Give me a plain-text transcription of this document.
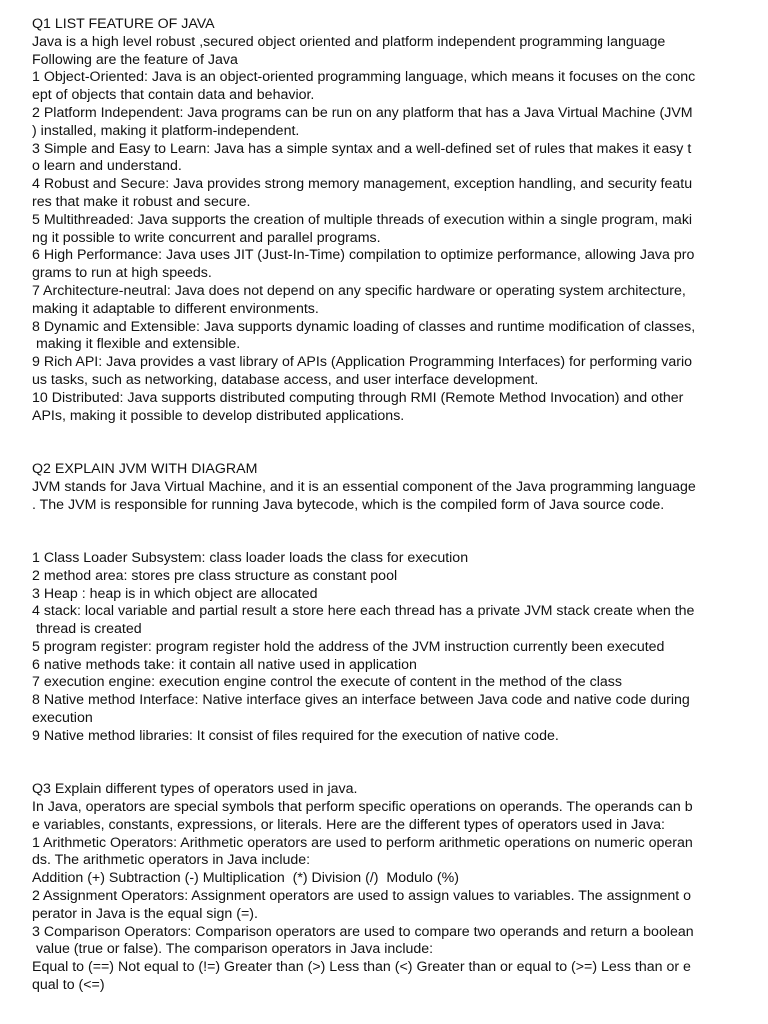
Q1 LIST FEATURE OF JAVA
Java is a high level robust ,secured object oriented and platform independent programming language
Following are the feature of Java
1 Object-Oriented: Java is an object-oriented programming language, which means it focuses on the conc
ept of objects that contain data and behavior.
2 Platform Independent: Java programs can be run on any platform that has a Java Virtual Machine (JVM
) installed, making it platform-independent.
3 Simple and Easy to Learn: Java has a simple syntax and a well-defined set of rules that makes it easy t
o learn and understand.
4 Robust and Secure: Java provides strong memory management, exception handling, and security featu
res that make it robust and secure.
5 Multithreaded: Java supports the creation of multiple threads of execution within a single program, maki
ng it possible to write concurrent and parallel programs.
6 High Performance: Java uses JIT (Just-In-Time) compilation to optimize performance, allowing Java pro
grams to run at high speeds.
7 Architecture-neutral: Java does not depend on any specific hardware or operating system architecture,
making it adaptable to different environments.
8 Dynamic and Extensible: Java supports dynamic loading of classes and runtime modification of classes,
making it flexible and extensible.
9 Rich API: Java provides a vast library of APIs (Application Programming Interfaces) for performing vario
us tasks, such as networking, database access, and user interface development.
10 Distributed: Java supports distributed computing through RMI (Remote Method Invocation) and other
APIs, making it possible to develop distributed applications.
Q2 EXPLAIN JVM WITH DIAGRAM
JVM stands for Java Virtual Machine, and it is an essential component of the Java programming language
. The JVM is responsible for running Java bytecode, which is the compiled form of Java source code.
1 Class Loader Subsystem: class loader loads the class for execution
2 method area: stores pre class structure as constant pool
3 Heap : heap is in which object are allocated
4 stack: local variable and partial result a store here each thread has a private JVM stack create when the
thread is created
5 program register: program register hold the address of the JVM instruction currently been executed
6 native methods take: it contain all native used in application
7 execution engine: execution engine control the execute of content in the method of the class
8 Native method Interface: Native interface gives an interface between Java code and native code during
execution
9 Native method libraries: It consist of files required for the execution of native code.
Q3 Explain different types of operators used in java.
In Java, operators are special symbols that perform specific operations on operands. The operands can b
e variables, constants, expressions, or literals. Here are the different types of operators used in Java:
1 Arithmetic Operators: Arithmetic operators are used to perform arithmetic operations on numeric operan
ds. The arithmetic operators in Java include:
Addition (+) Subtraction (-) Multiplication  (*) Division (/)  Modulo (%)
2 Assignment Operators: Assignment operators are used to assign values to variables. The assignment o
perator in Java is the equal sign (=).
3 Comparison Operators: Comparison operators are used to compare two operands and return a boolean
value (true or false). The comparison operators in Java include:
Equal to (==) Not equal to (!=) Greater than (>) Less than (<) Greater than or equal to (>=) Less than or e
qual to (<=)
